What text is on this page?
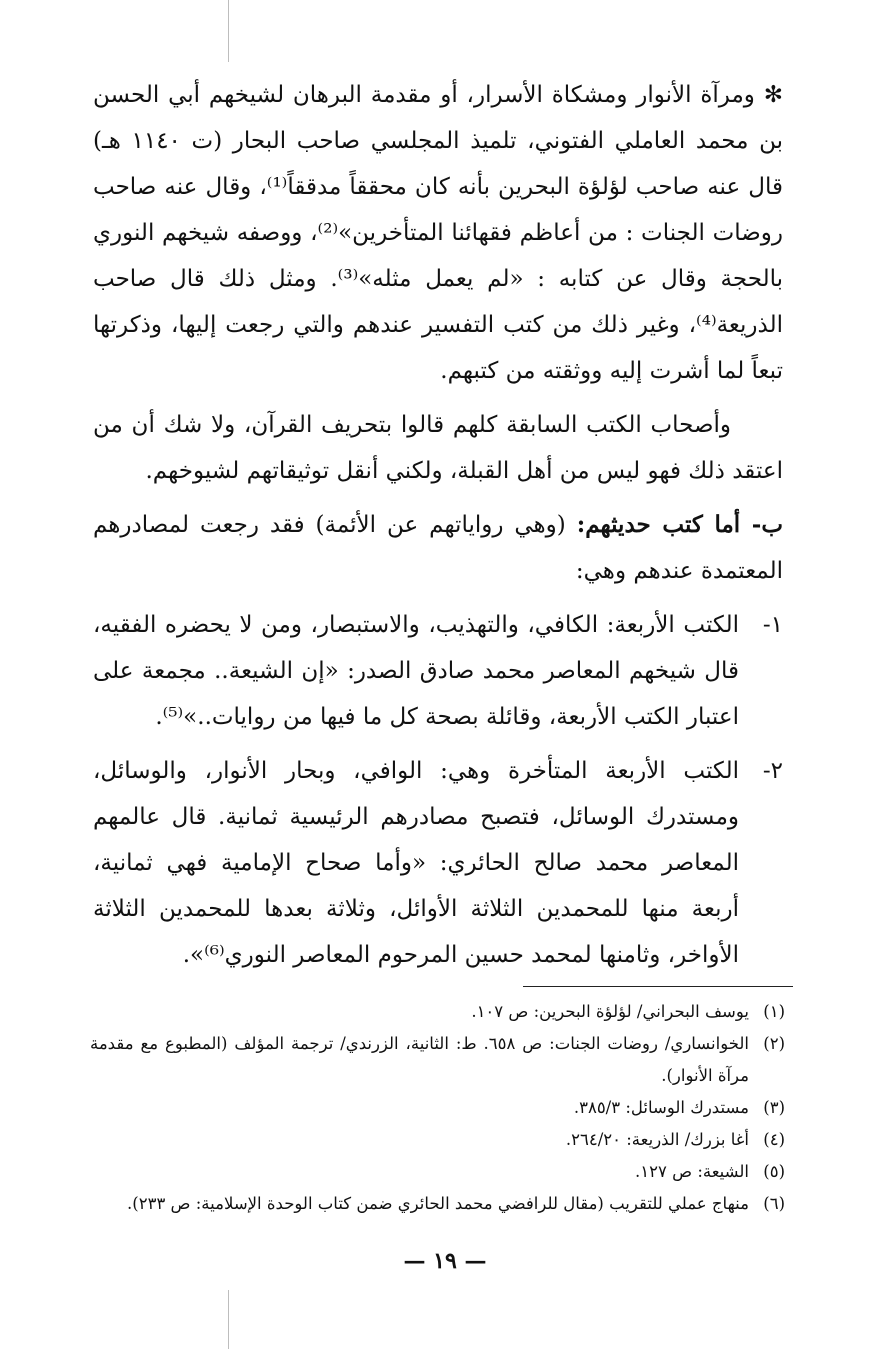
✻ ومرآة الأنوار ومشكاة الأسرار، أو مقدمة البرهان لشيخهم أبي الحسن بن محمد العاملي الفتوني، تلميذ المجلسي صاحب البحار (ت ١١٤٠ هـ) قال عنه صاحب لؤلؤة البحرين بأنه كان محققاً مدققاً⁽¹⁾، وقال عنه صاحب روضات الجنات : من أعاظم فقهائنا المتأخرين»⁽²⁾، ووصفه شيخهم النوري بالحجة وقال عن كتابه : «لم يعمل مثله»⁽³⁾. ومثل ذلك قال صاحب الذريعة⁽⁴⁾، وغير ذلك من كتب التفسير عندهم والتي رجعت إليها، وذكرتها تبعاً لما أشرت إليه ووثقته من كتبهم.

وأصحاب الكتب السابقة كلهم قالوا بتحريف القرآن، ولا شك أن من اعتقد ذلك فهو ليس من أهل القبلة، ولكني أنقل توثيقاتهم لشيوخهم.

ب- أما كتب حديثهم: (وهي رواياتهم عن الأئمة) فقد رجعت لمصادرهم المعتمدة عندهم وهي:

١-
الكتب الأربعة: الكافي، والتهذيب، والاستبصار، ومن لا يحضره الفقيه، قال شيخهم المعاصر محمد صادق الصدر: «إن الشيعة.. مجمعة على اعتبار الكتب الأربعة، وقائلة بصحة كل ما فيها من روايات..»⁽⁵⁾.

٢-
الكتب الأربعة المتأخرة وهي: الوافي، وبحار الأنوار، والوسائل، ومستدرك الوسائل، فتصبح مصادرهم الرئيسية ثمانية. قال عالمهم المعاصر محمد صالح الحائري: «وأما صحاح الإمامية فهي ثمانية، أربعة منها للمحمدين الثلاثة الأوائل، وثلاثة بعدها للمحمدين الثلاثة الأواخر، وثامنها لمحمد حسين المرحوم المعاصر النوري⁽⁶⁾».

(١)
يوسف البحراني/ لؤلؤة البحرين: ص ١٠٧.
(٢)
الخوانساري/ روضات الجنات: ص ٦٥٨. ط: الثانية، الزرندي/ ترجمة المؤلف (المطبوع مع مقدمة مرآة الأنوار).
(٣)
مستدرك الوسائل: ٣٨٥/٣.
(٤)
أغا بزرك/ الذريعة: ٢٦٤/٢٠.
(٥)
الشيعة: ص ١٢٧.
(٦)
منهاج عملي للتقريب (مقال للرافضي محمد الحائري ضمن كتاب الوحدة الإسلامية: ص ٢٣٣).
— ١٩ —
